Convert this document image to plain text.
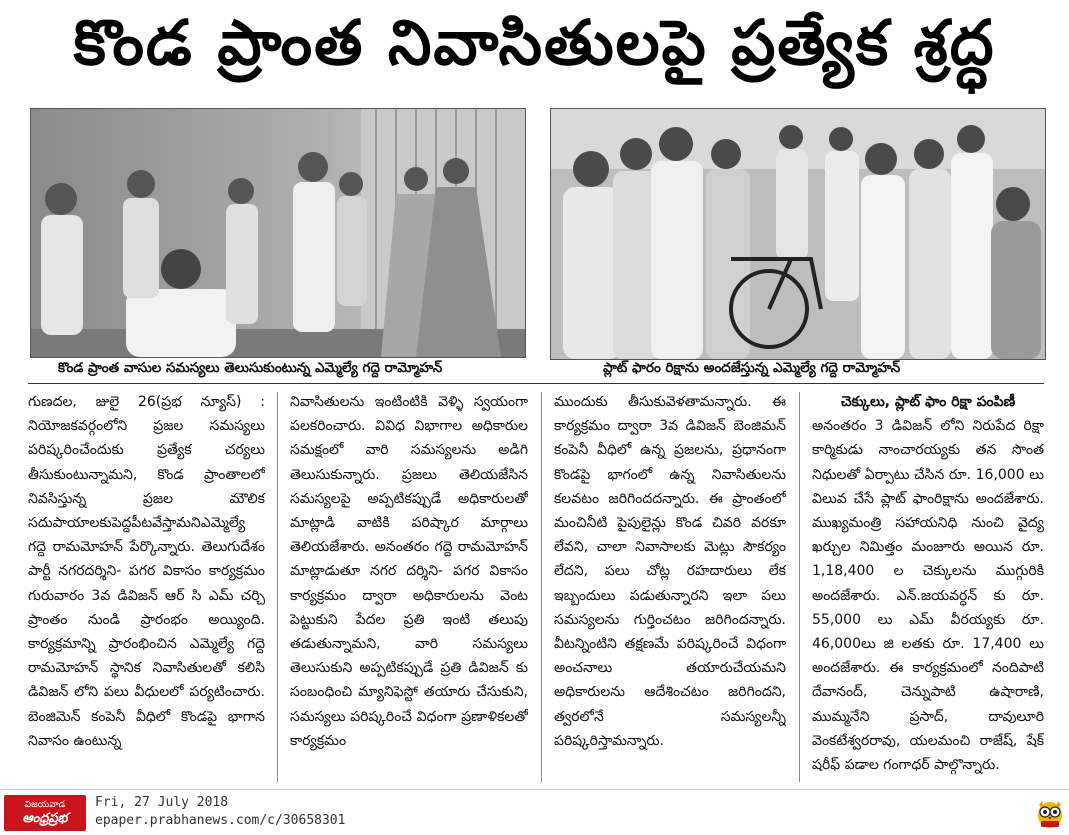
కొండ ప్రాంత నివాసితులపై ప్రత్యేక శ్రద్ధ
కొండ ప్రాంత వాసుల సమస్యలు తెలుసుకుంటున్న ఎమ్మెల్యే గద్దె రామ్మోహన్	ప్లాట్ ఫారం రిక్షాను అందజేస్తున్న ఎమ్మెల్యే గద్దె రామ్మోహన్

గుణదల, జులై 26(ప్రభ న్యూస్) : నియోజకవర్గంలోని ప్రజల సమస్యలు పరిష్కరించేందుకు ప్రత్యేక చర్యలు తీసుకుంటున్నామని, కొండ ప్రాంతాలలో నివసిస్తున్న ప్రజల మౌలిక సదుపాయాలకుపెద్దపీటవేస్తామనిఎమ్మెల్యే గద్దె రామమోహన్ పేర్కొన్నారు. తెలుగుదేశం పార్టీ నగరదర్శిని- పగర వికాసం కార్యక్రమం గురువారం 3వ డివిజన్ ఆర్ సి ఎమ్ చర్చి ప్రాంతం నుండి ప్రారంభం అయ్యింది. కార్యక్రమాన్ని ప్రారంభించిన ఎమ్మెల్యే గద్దె రామమోహన్ స్థానిక నివాసితులతో కలిసి డివిజన్ లోని పలు వీధులలో పర్యటించారు. బెంజిమెన్ కంపెనీ వీధిలో కొండపై భాగాన నివాసం ఉంటున్న

నివాసితులను ఇంటింటికి వెళ్ళి స్వయంగా పలకరించారు. వివిధ విభాగాల అధికారుల సమక్షంలో వారి సమస్యలను అడిగి తెలుసుకున్నారు. ప్రజలు తెలియజేసిన సమస్యలపై అప్పటికప్పుడే అధికారులతో మాట్లాడి వాటికి పరిష్కార మార్గాలు తెలియజేశారు. అనంతరం గద్దె రామమోహన్ మాట్లాడుతూ నగర దర్శిని- పగర వికాసం కార్యక్రమం ద్వారా అధికారులను వెంట పెట్టుకుని పేదల ప్రతి ఇంటి తలుపు తడుతున్నామని, వారి సమస్యలు తెలుసుకుని అప్పటికప్పుడే ప్రతి డివిజన్ కు సంబంధించి మ్యానిఫెస్టో తయారు చేసుకుని, సమస్యలు పరిష్కరించే విధంగా ప్రణాళికలతో కార్యక్రమం

ముందుకు తీసుకువెళతామన్నారు. ఈ కార్యక్రమం ద్వారా 3వ డివిజన్ బెంజిమన్ కంపెనీ వీధిలో ఉన్న ప్రజలను, ప్రధానంగా కొండపై భాగంలో ఉన్న నివాసితులను కలవటం జరిగిందదన్నారు. ఈ ప్రాంతంలో మంచినీటి పైపులైన్లు కొండ చివరి వరకూ లేవని, చాలా నివాసాలకు మెట్లు సౌకర్యం లేదని, పలు చోట్ల రహదారులు లేక ఇబ్బందులు పడుతున్నారని ఇలా పలు సమస్యలను గుర్తించటం జరిగిందన్నారు. వీటన్నింటిని తక్షణమే పరిష్కరించే విధంగా అంచనాలు తయారుచేయమని అధికారులను ఆదేశించటం జరిగిందని, త్వరలోనే సమస్యలన్నీ పరిష్కరిస్తామన్నారు.

చెక్కులు, ప్లాట్ ఫాం రిక్షా పంపిణీ

అనంతరం 3 డివిజన్ లోని నిరుపేద రిక్షా కార్మికుడు నాంచారయ్యకు తన సొంత నిధులతో ఏర్పాటు చేసిన రూ. 16,000 లు విలువ చేసే ప్లాట్ ఫాంరిక్షాను అందజేశారు. ముఖ్యమంత్రి సహాయనిధి నుంచి వైద్య ఖర్చుల నిమిత్తం మంజూరు అయిన రూ. 1,18,400 ల చెక్కులను ముగ్గురికి అందజేశారు. ఎన్.జయవర్ధన్ కు రూ. 55,000 లు ఎమ్ వీరయ్యకు రూ. 46,000లు జి లతకు రూ. 17,400 లు అందజేశారు. ఈ కార్యక్రమంలో నందిపాటి దేవానంద్, చెన్నుపాటి ఉషారాణి, ముమ్మనేని ప్రసాద్, దావులూరి వెంకటేశ్వరరావు, యలమంచి రాజేష్, షేక్ షరీఫ్ పడాల గంగాధర్ పాల్గొన్నారు.

విజయవాడ
ఆంధ్రప్రభ
Fri, 27 July 2018
epaper.prabhanews.com/c/30658301
